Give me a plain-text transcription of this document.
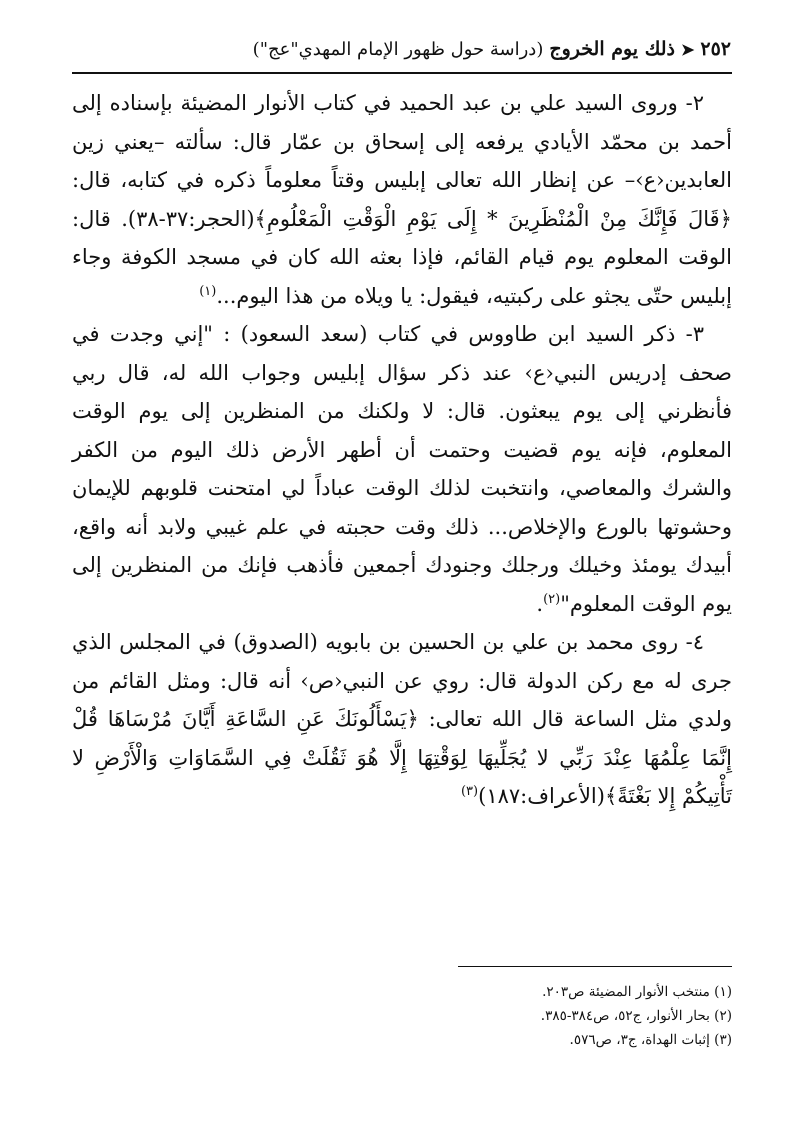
٢٥٢
➤
ذلك يوم الخروج
(دراسة حول ظهور الإمام المهدي"عج")

٢- وروى السيد علي بن عبد الحميد في كتاب الأنوار المضيئة بإسناده إلى أحمد بن محمّد الأيادي يرفعه إلى إسحاق بن عمّار قال: سألته –يعني زين العابدين‹ع›– عن إنظار الله تعالى إبليس وقتاً معلوماً ذكره في كتابه، قال: ﴿قَالَ فَإِنَّكَ مِنْ الْمُنْظَرِينَ * إِلَى يَوْمِ الْوَقْتِ الْمَعْلُومِ﴾(الحجر:٣٧-٣٨). قال: الوقت المعلوم يوم قيام القائم، فإذا بعثه الله كان في مسجد الكوفة وجاء إبليس حتّى يجثو على ركبتيه، فيقول: يا ويلاه من هذا اليوم...$^{(١)}$

٣- ذكر السيد ابن طاووس في كتاب (سعد السعود) : "إني وجدت في صحف إدريس النبي‹ع› عند ذكر سؤال إبليس وجواب الله له، قال ربي فأنظرني إلى يوم يبعثون. قال: لا ولكنك من المنظرين إلى يوم الوقت المعلوم، فإنه يوم قضيت وحتمت أن أطهر الأرض ذلك اليوم من الكفر والشرك والمعاصي، وانتخبت لذلك الوقت عباداً لي امتحنت قلوبهم للإيمان وحشوتها بالورع والإخلاص... ذلك وقت حجبته في علم غيبي ولابد أنه واقع، أبيدك يومئذ وخيلك ورجلك وجنودك أجمعين فأذهب فإنك من المنظرين إلى يوم الوقت المعلوم"$^{(٢)}$.

٤- روى محمد بن علي بن الحسين بن بابويه (الصدوق) في المجلس الذي جرى له مع ركن الدولة قال: روي عن النبي‹ص› أنه قال: ومثل القائم من ولدي مثل الساعة قال الله تعالى: ﴿يَسْأَلُونَكَ عَنِ السَّاعَةِ أَيَّانَ مُرْسَاهَا قُلْ إِنَّمَا عِلْمُهَا عِنْدَ رَبِّي لا يُجَلِّيهَا لِوَقْتِهَا إِلَّا هُوَ ثَقُلَتْ فِي السَّمَاوَاتِ وَالْأَرْضِ لا تَأْتِيكُمْ إِلا بَغْتَةً﴾(الأعراف:١٨٧)$^{(٣)}$

(١) منتخب الأنوار المضيئة ص٢٠٣.

(٢) بحار الأنوار، ج٥٢، ص٣٨٤-٣٨٥.

(٣) إثبات الهداة، ج٣، ص٥٧٦.
